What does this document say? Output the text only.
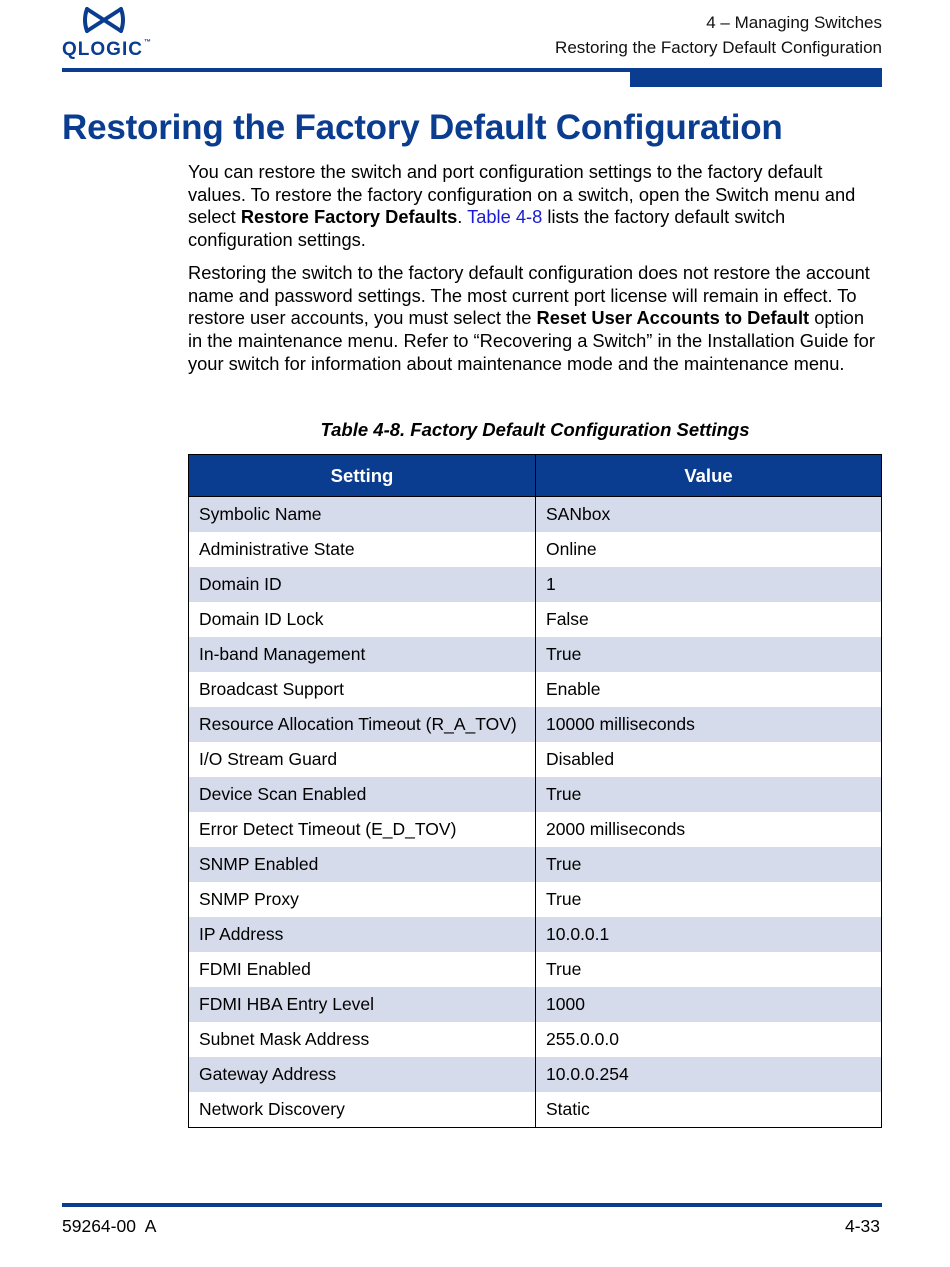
QLOGIC™
4 – Managing Switches
Restoring the Factory Default Configuration
Restoring the Factory Default Configuration

You can restore the switch and port configuration settings to the factory default values. To restore the factory configuration on a switch, open the Switch menu and select Restore Factory Defaults. Table 4-8 lists the factory default switch configuration settings.

Restoring the switch to the factory default configuration does not restore the account name and password settings. The most current port license will remain in effect. To restore user accounts, you must select the Reset User Accounts to Default option in the maintenance menu. Refer to “Recovering a Switch” in the Installation Guide for your switch for information about maintenance mode and the maintenance menu.

Table 4-8. Factory Default Configuration Settings
Setting	Value
Symbolic Name	SANbox
Administrative State	Online
Domain ID	1
Domain ID Lock	False
In-band Management	True
Broadcast Support	Enable
Resource Allocation Timeout (R_A_TOV)	10000 milliseconds
I/O Stream Guard	Disabled
Device Scan Enabled	True
Error Detect Timeout (E_D_TOV)	2000 milliseconds
SNMP Enabled	True
SNMP Proxy	True
IP Address	10.0.0.1
FDMI Enabled	True
FDMI HBA Entry Level	1000
Subnet Mask Address	255.0.0.0
Gateway Address	10.0.0.254
Network Discovery	Static
59264-00  A	4-33
